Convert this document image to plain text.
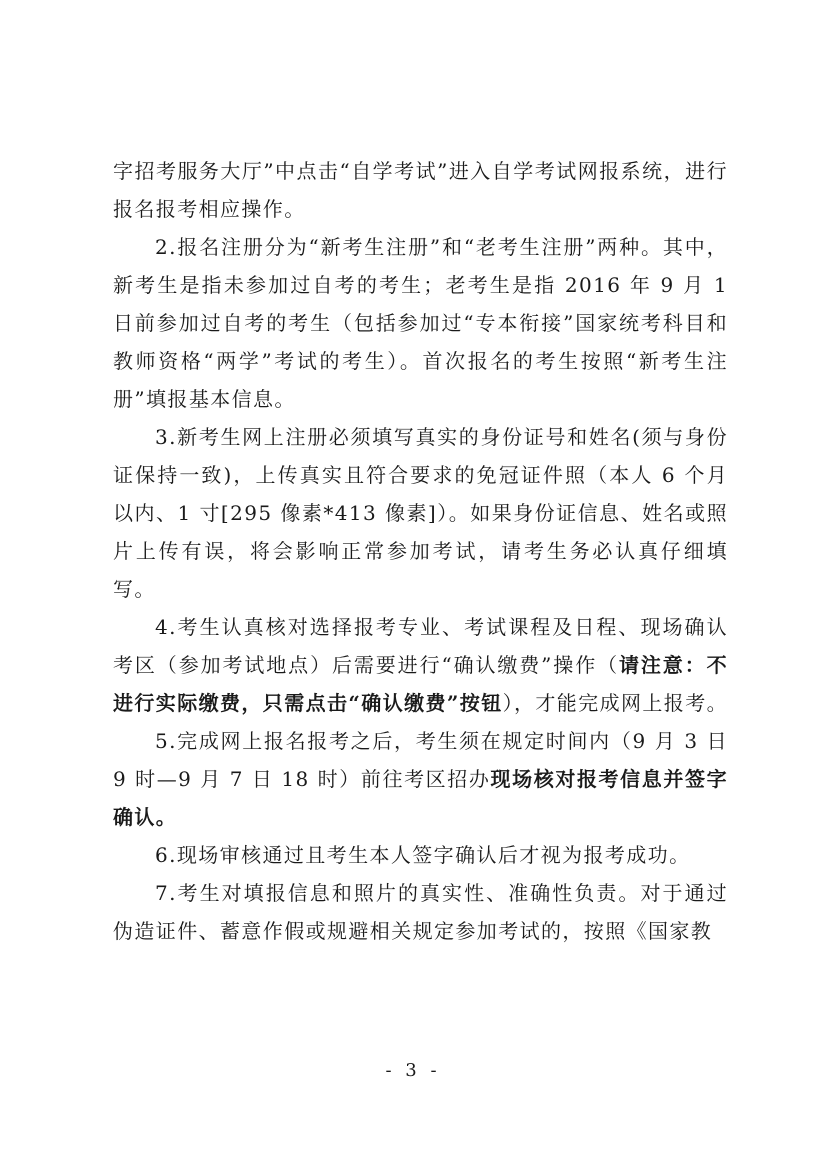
字招考服务大厅”中点击“自学考试”进入自学考试网报系统，进行报名报考相应操作。

2.报名注册分为“新考生注册”和“老考生注册”两种。其中，新考生是指未参加过自考的考生；老考生是指 2016 年 9 月 1 日前参加过自考的考生（包括参加过“专本衔接”国家统考科目和教师资格“两学”考试的考生）。首次报名的考生按照“新考生注册”填报基本信息。

3.新考生网上注册必须填写真实的身份证号和姓名(须与身份证保持一致)，上传真实且符合要求的免冠证件照（本人 6 个月以内、1 寸[295 像素*413 像素]）。如果身份证信息、姓名或照片上传有误，将会影响正常参加考试，请考生务必认真仔细填写。

4.考生认真核对选择报考专业、考试课程及日程、现场确认考区（参加考试地点）后需要进行“确认缴费”操作（请注意：不进行实际缴费，只需点击“确认缴费”按钮），才能完成网上报考。

5.完成网上报名报考之后，考生须在规定时间内（9 月 3 日 9 时—9 月 7 日 18 时）前往考区招办现场核对报考信息并签字确认。

6.现场审核通过且考生本人签字确认后才视为报考成功。

7.考生对填报信息和照片的真实性、准确性负责。对于通过伪造证件、蓄意作假或规避相关规定参加考试的，按照《国家教

- 3 -
